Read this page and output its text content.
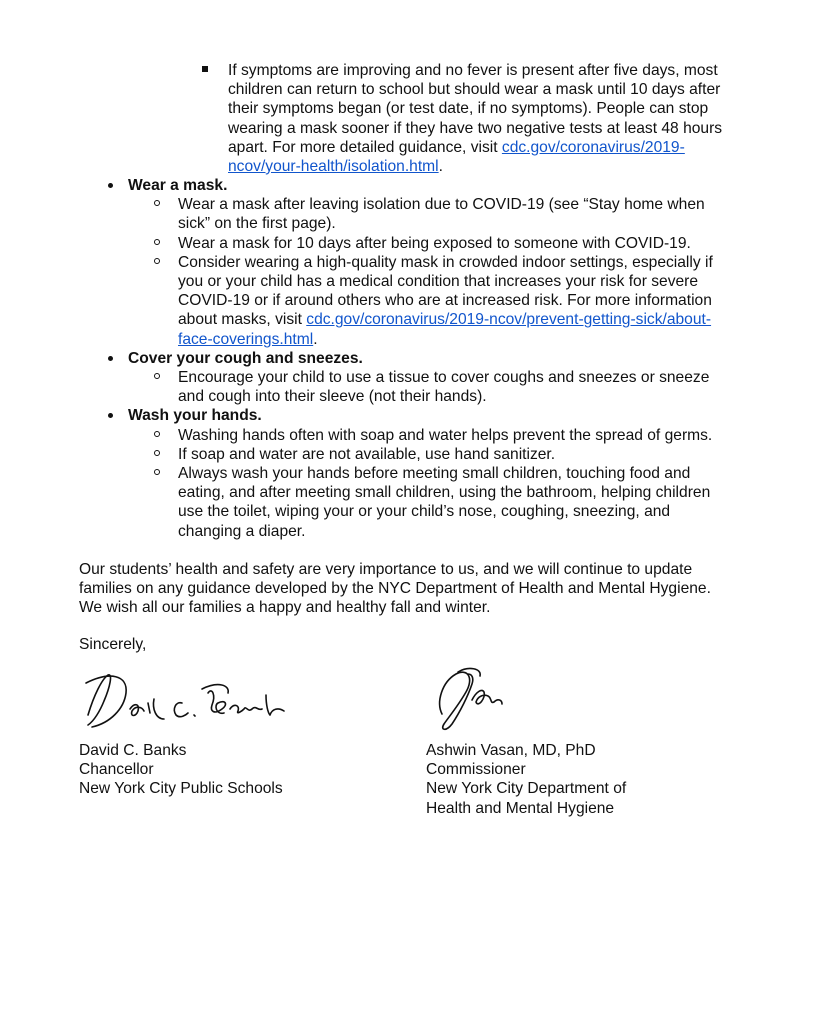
If symptoms are improving and no fever is present after five days, most
children can return to school but should wear a mask until 10 days after
their symptoms began (or test date, if no symptoms). People can stop
wearing a mask sooner if they have two negative tests at least 48 hours
apart. For more detailed guidance, visit cdc.gov/coronavirus/2019-
ncov/your-health/isolation.html.
Wear a mask.
Wear a mask after leaving isolation due to COVID-19 (see “Stay home when
sick” on the first page).
Wear a mask for 10 days after being exposed to someone with COVID-19.
Consider wearing a high-quality mask in crowded indoor settings, especially if
you or your child has a medical condition that increases your risk for severe
COVID-19 or if around others who are at increased risk. For more information
about masks, visit cdc.gov/coronavirus/2019-ncov/prevent-getting-sick/about-
face-coverings.html.
Cover your cough and sneezes.
Encourage your child to use a tissue to cover coughs and sneezes or sneeze
and cough into their sleeve (not their hands).
Wash your hands.
Washing hands often with soap and water helps prevent the spread of germs.
If soap and water are not available, use hand sanitizer.
Always wash your hands before meeting small children, touching food and
eating, and after meeting small children, using the bathroom, helping children
use the toilet, wiping your or your child’s nose, coughing, sneezing, and
changing a diaper.
Our students’ health and safety are very importance to us, and we will continue to update
families on any guidance developed by the NYC Department of Health and Mental Hygiene.
We wish all our families a happy and healthy fall and winter.
Sincerely,
David C. Banks
Chancellor
New York City Public Schools
Ashwin Vasan, MD, PhD
Commissioner
New York City Department of
Health and Mental Hygiene
